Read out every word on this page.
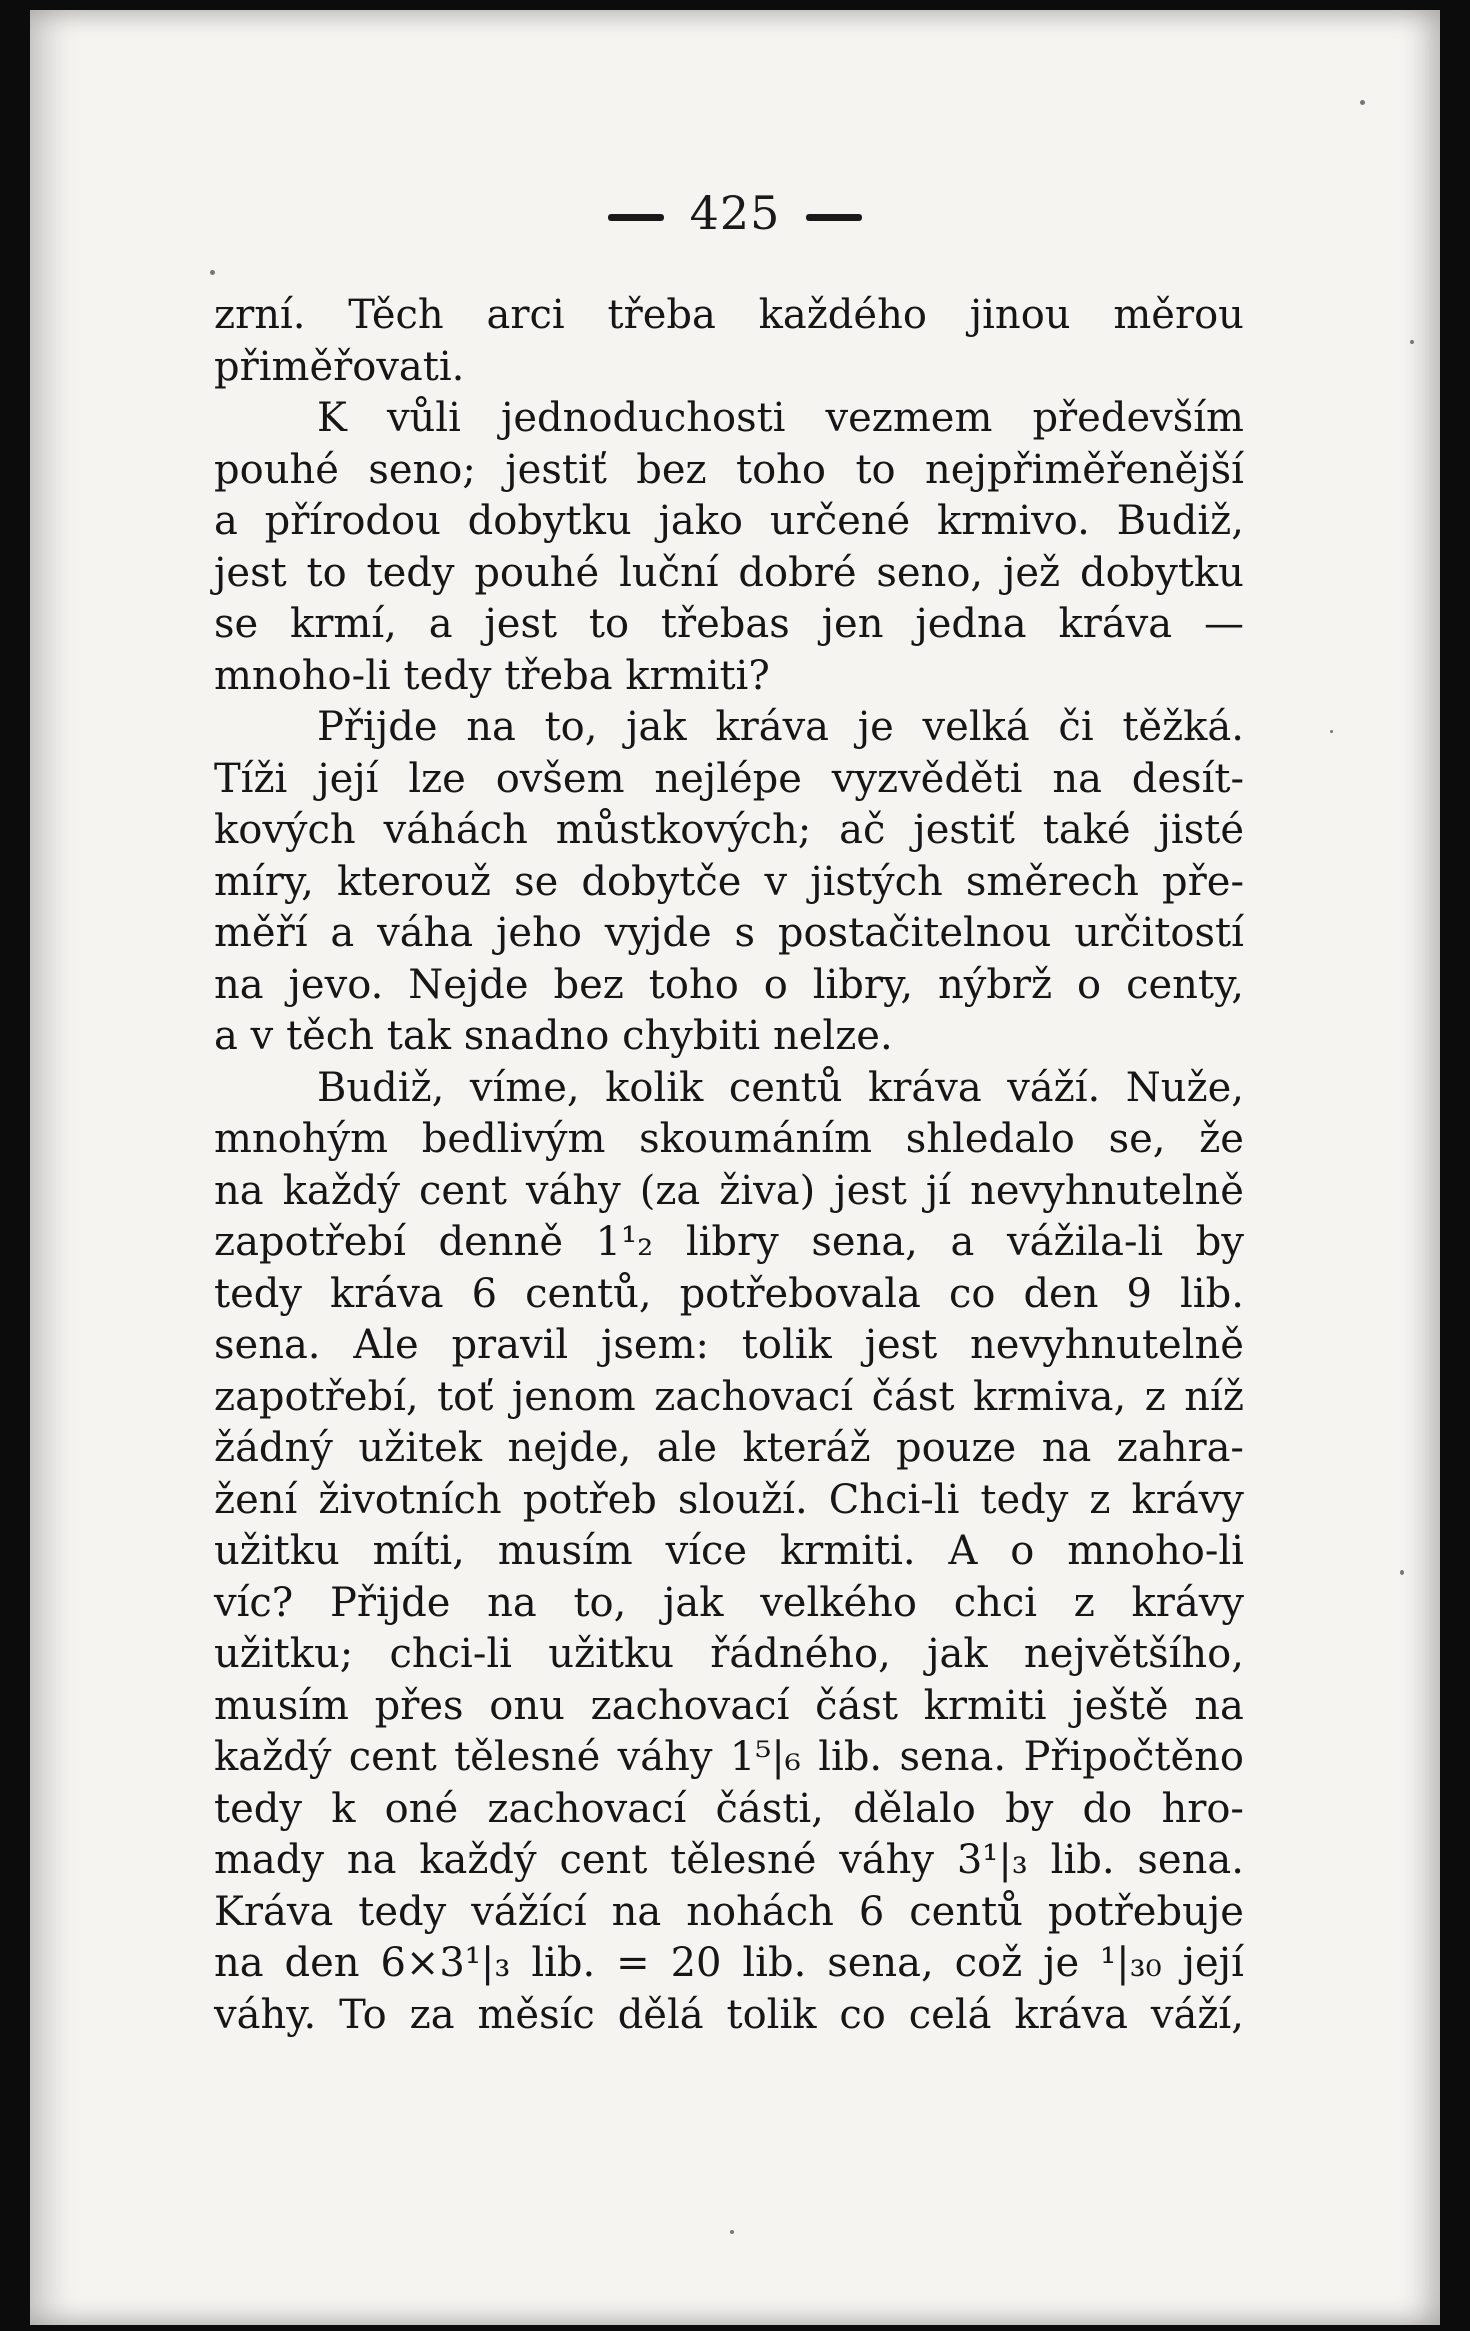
425
zrní. Těch arci třeba každého jinou měrou
přiměřovati.
K vůli jednoduchosti vezmem především
pouhé seno; jestiť bez toho to nejpřiměřenější
a přírodou dobytku jako určené krmivo. Budiž,
jest to tedy pouhé luční dobré seno, jež dobytku
se krmí, a jest to třebas jen jedna kráva —
mnoho-li tedy třeba krmiti?
Přijde na to, jak kráva je velká či těžká.
Tíži její lze ovšem nejlépe vyzvěděti na desít-
kových váhách můstkových; ač jestiť také jisté
míry, kterouž se dobytče v jistých směrech pře-
měří a váha jeho vyjde s postačitelnou určitostí
na jevo. Nejde bez toho o libry, nýbrž o centy,
a v těch tak snadno chybiti nelze.
Budiž, víme, kolik centů kráva váží. Nuže,
mnohým bedlivým skoumáním shledalo se, že
na každý cent váhy (za živa) jest jí nevyhnutelně
zapotřebí denně 1¹₂ libry sena, a vážila-li by
tedy kráva 6 centů, potřebovala co den 9 lib.
sena. Ale pravil jsem: tolik jest nevyhnutelně
zapotřebí, toť jenom zachovací část krmiva, z níž
žádný užitek nejde, ale kteráž pouze na zahra-
žení životních potřeb slouží. Chci-li tedy z krávy
užitku míti, musím více krmiti. A o mnoho-li
víc? Přijde na to, jak velkého chci z krávy
užitku; chci-li užitku řádného, jak největšího,
musím přes onu zachovací část krmiti ještě na
každý cent tělesné váhy 1⁵|₆ lib. sena. Připočtěno
tedy k oné zachovací části, dělalo by do hro-
mady na každý cent tělesné váhy 3¹|₃ lib. sena.
Kráva tedy vážící na nohách 6 centů potřebuje
na den 6×3¹|₃ lib. = 20 lib. sena, což je ¹|₃₀ její
váhy. To za měsíc dělá tolik co celá kráva váží,
